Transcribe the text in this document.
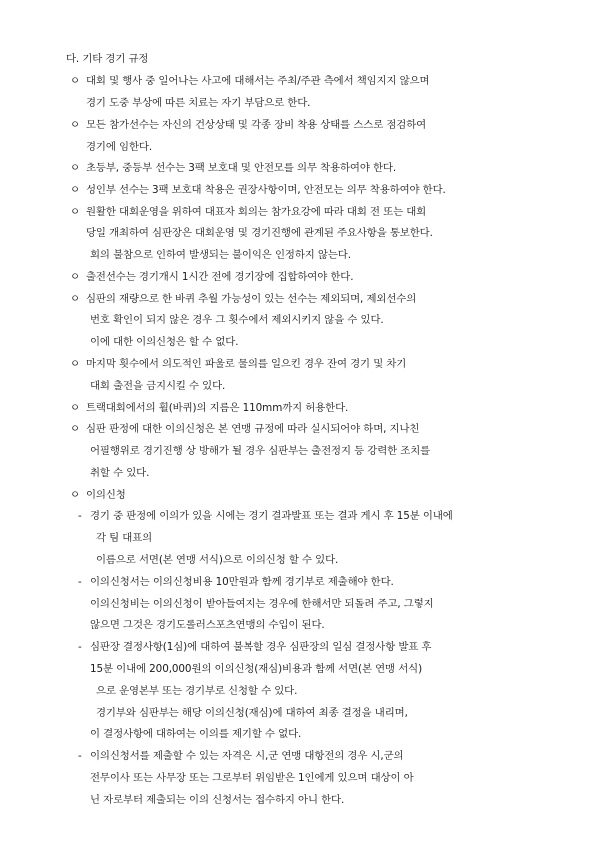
다. 기타 경기 규정
ㅇ 대회 및 행사 중 일어나는 사고에 대해서는 주최/주관 측에서 책임지지 않으며
경기 도중 부상에 따른 치료는 자기 부담으로 한다.
ㅇ 모든 참가선수는 자신의 건상상태 및 각종 장비 착용 상태를 스스로 점검하여
경기에 임한다.
ㅇ 초등부, 중등부 선수는 3팩 보호대 및 안전모를 의무 착용하여야 한다.
ㅇ 성인부 선수는 3팩 보호대 착용은 권장사항이며, 안전모는 의무 착용하여야 한다.
ㅇ 원활한 대회운영을 위하여 대표자 회의는 참가요강에 따라 대회 전 또는 대회
당일 개최하여 심판장은 대회운영 및 경기진행에 관계된 주요사항을 통보한다.
회의 불참으로 인하여 발생되는 불이익은 인정하지 않는다.
ㅇ 출전선수는 경기개시 1시간 전에 경기장에 집합하여야 한다.
ㅇ 심판의 재량으로 한 바퀴 추월 가능성이 있는 선수는 제외되며, 제외선수의
번호 확인이 되지 않은 경우 그 횟수에서 제외시키지 않을 수 있다.
이에 대한 이의신청은 할 수 없다.
ㅇ 마지막 횟수에서 의도적인 파울로 물의를 일으킨 경우 잔여 경기 및 차기
대회 출전을 금지시킬 수 있다.
ㅇ 트랙대회에서의 휠(바퀴)의 지름은 110mm까지 허용한다.
ㅇ 심판 판정에 대한 이의신청은 본 연맹 규정에 따라 실시되어야 하며, 지나친
어필행위로 경기진행 상 방해가 될 경우 심판부는 출전정지 등 강력한 조치를
취할 수 있다.
ㅇ 이의신청
- 경기 중 판정에 이의가 있을 시에는 경기 결과발표 또는 결과 게시 후 15분 이내에
각 팀 대표의
이름으로 서면(본 연맹 서식)으로 이의신청 할 수 있다.
- 이의신청서는 이의신청비용 10만원과 함께 경기부로 제출해야 한다.
이의신청비는 이의신청이 받아들여지는 경우에 한해서만 되돌려 주고, 그렇지
않으면 그것은 경기도롤러스포츠연맹의 수입이 된다.
- 심판장 결정사항(1심)에 대하여 불복할 경우 심판장의 일심 결정사항 발표 후
15분 이내에 200,000원의 이의신청(재심)비용과 함께 서면(본 연맹 서식)
으로 운영본부 또는 경기부로 신청할 수 있다.
경기부와 심판부는 해당 이의신청(재심)에 대하여 최종 결정을 내리며,
이 결정사항에 대하여는 이의를 제기할 수 없다.
- 이의신청서를 제출할 수 있는 자격은 시,군 연맹 대항전의 경우 시,군의
전무이사 또는 사무장 또는 그로부터 위임받은 1인에게 있으며 대상이 아
닌 자로부터 제출되는 이의 신청서는 접수하지 아니 한다.
